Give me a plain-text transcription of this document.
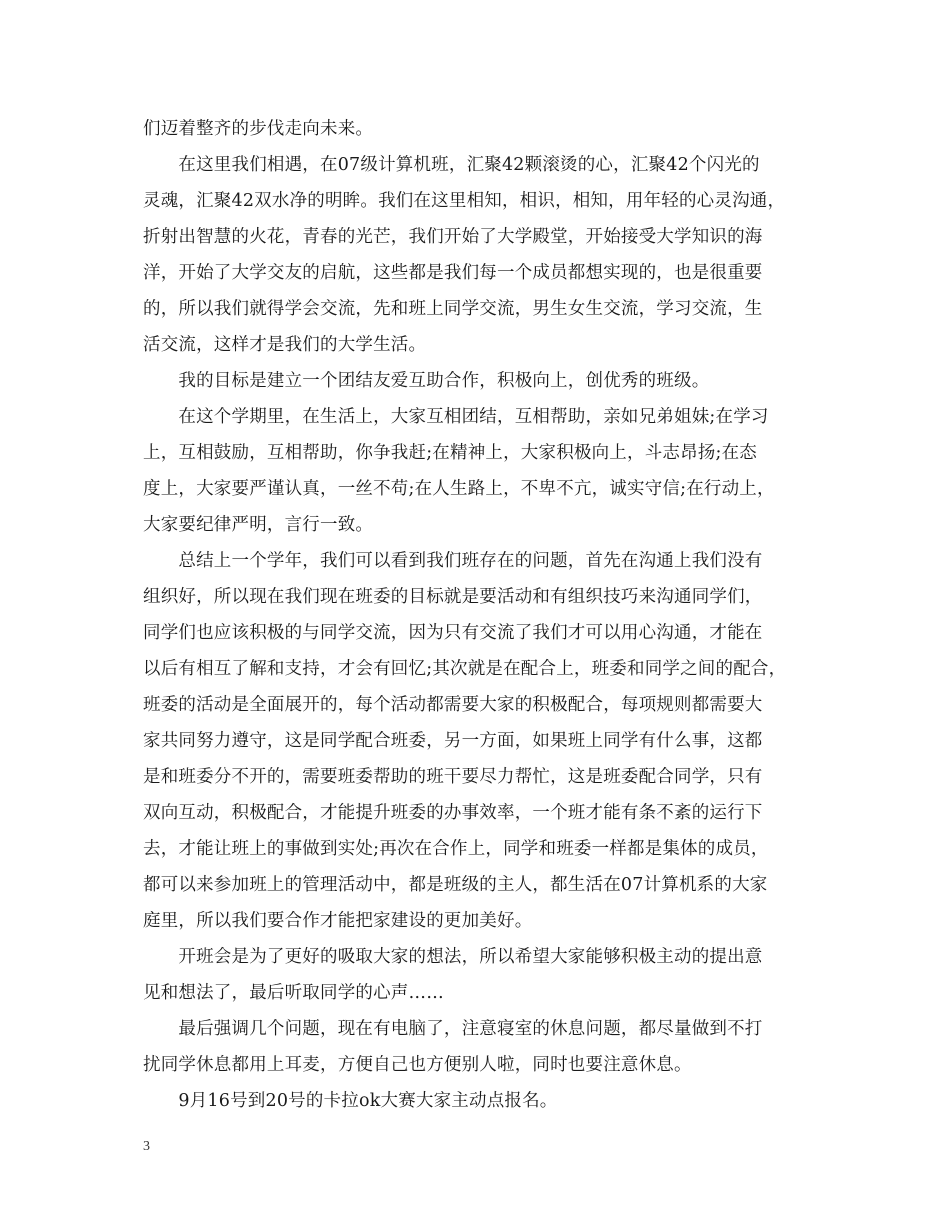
们迈着整齐的步伐走向未来。
　　在这里我们相遇，在07级计算机班，汇聚42颗滚烫的心，汇聚42个闪光的
灵魂，汇聚42双水净的明眸。我们在这里相知，相识，相知，用年轻的心灵沟通，
折射出智慧的火花，青春的光芒，我们开始了大学殿堂，开始接受大学知识的海
洋，开始了大学交友的启航，这些都是我们每一个成员都想实现的，也是很重要
的，所以我们就得学会交流，先和班上同学交流，男生女生交流，学习交流，生
活交流，这样才是我们的大学生活。
　　我的目标是建立一个团结友爱互助合作，积极向上，创优秀的班级。
　　在这个学期里，在生活上，大家互相团结，互相帮助，亲如兄弟姐妹;在学习
上，互相鼓励，互相帮助，你争我赶;在精神上，大家积极向上，斗志昂扬;在态
度上，大家要严谨认真，一丝不苟;在人生路上，不卑不亢，诚实守信;在行动上，
大家要纪律严明，言行一致。
　　总结上一个学年，我们可以看到我们班存在的问题，首先在沟通上我们没有
组织好，所以现在我们现在班委的目标就是要活动和有组织技巧来沟通同学们，
同学们也应该积极的与同学交流，因为只有交流了我们才可以用心沟通，才能在
以后有相互了解和支持，才会有回忆;其次就是在配合上，班委和同学之间的配合，
班委的活动是全面展开的，每个活动都需要大家的积极配合，每项规则都需要大
家共同努力遵守，这是同学配合班委，另一方面，如果班上同学有什么事，这都
是和班委分不开的，需要班委帮助的班干要尽力帮忙，这是班委配合同学，只有
双向互动，积极配合，才能提升班委的办事效率，一个班才能有条不紊的运行下
去，才能让班上的事做到实处;再次在合作上，同学和班委一样都是集体的成员，
都可以来参加班上的管理活动中，都是班级的主人，都生活在07计算机系的大家
庭里，所以我们要合作才能把家建设的更加美好。
　　开班会是为了更好的吸取大家的想法，所以希望大家能够积极主动的提出意
见和想法了，最后听取同学的心声……
　　最后强调几个问题，现在有电脑了，注意寝室的休息问题，都尽量做到不打
扰同学休息都用上耳麦，方便自己也方便别人啦，同时也要注意休息。
　　9月16号到20号的卡拉ok大赛大家主动点报名。
3
